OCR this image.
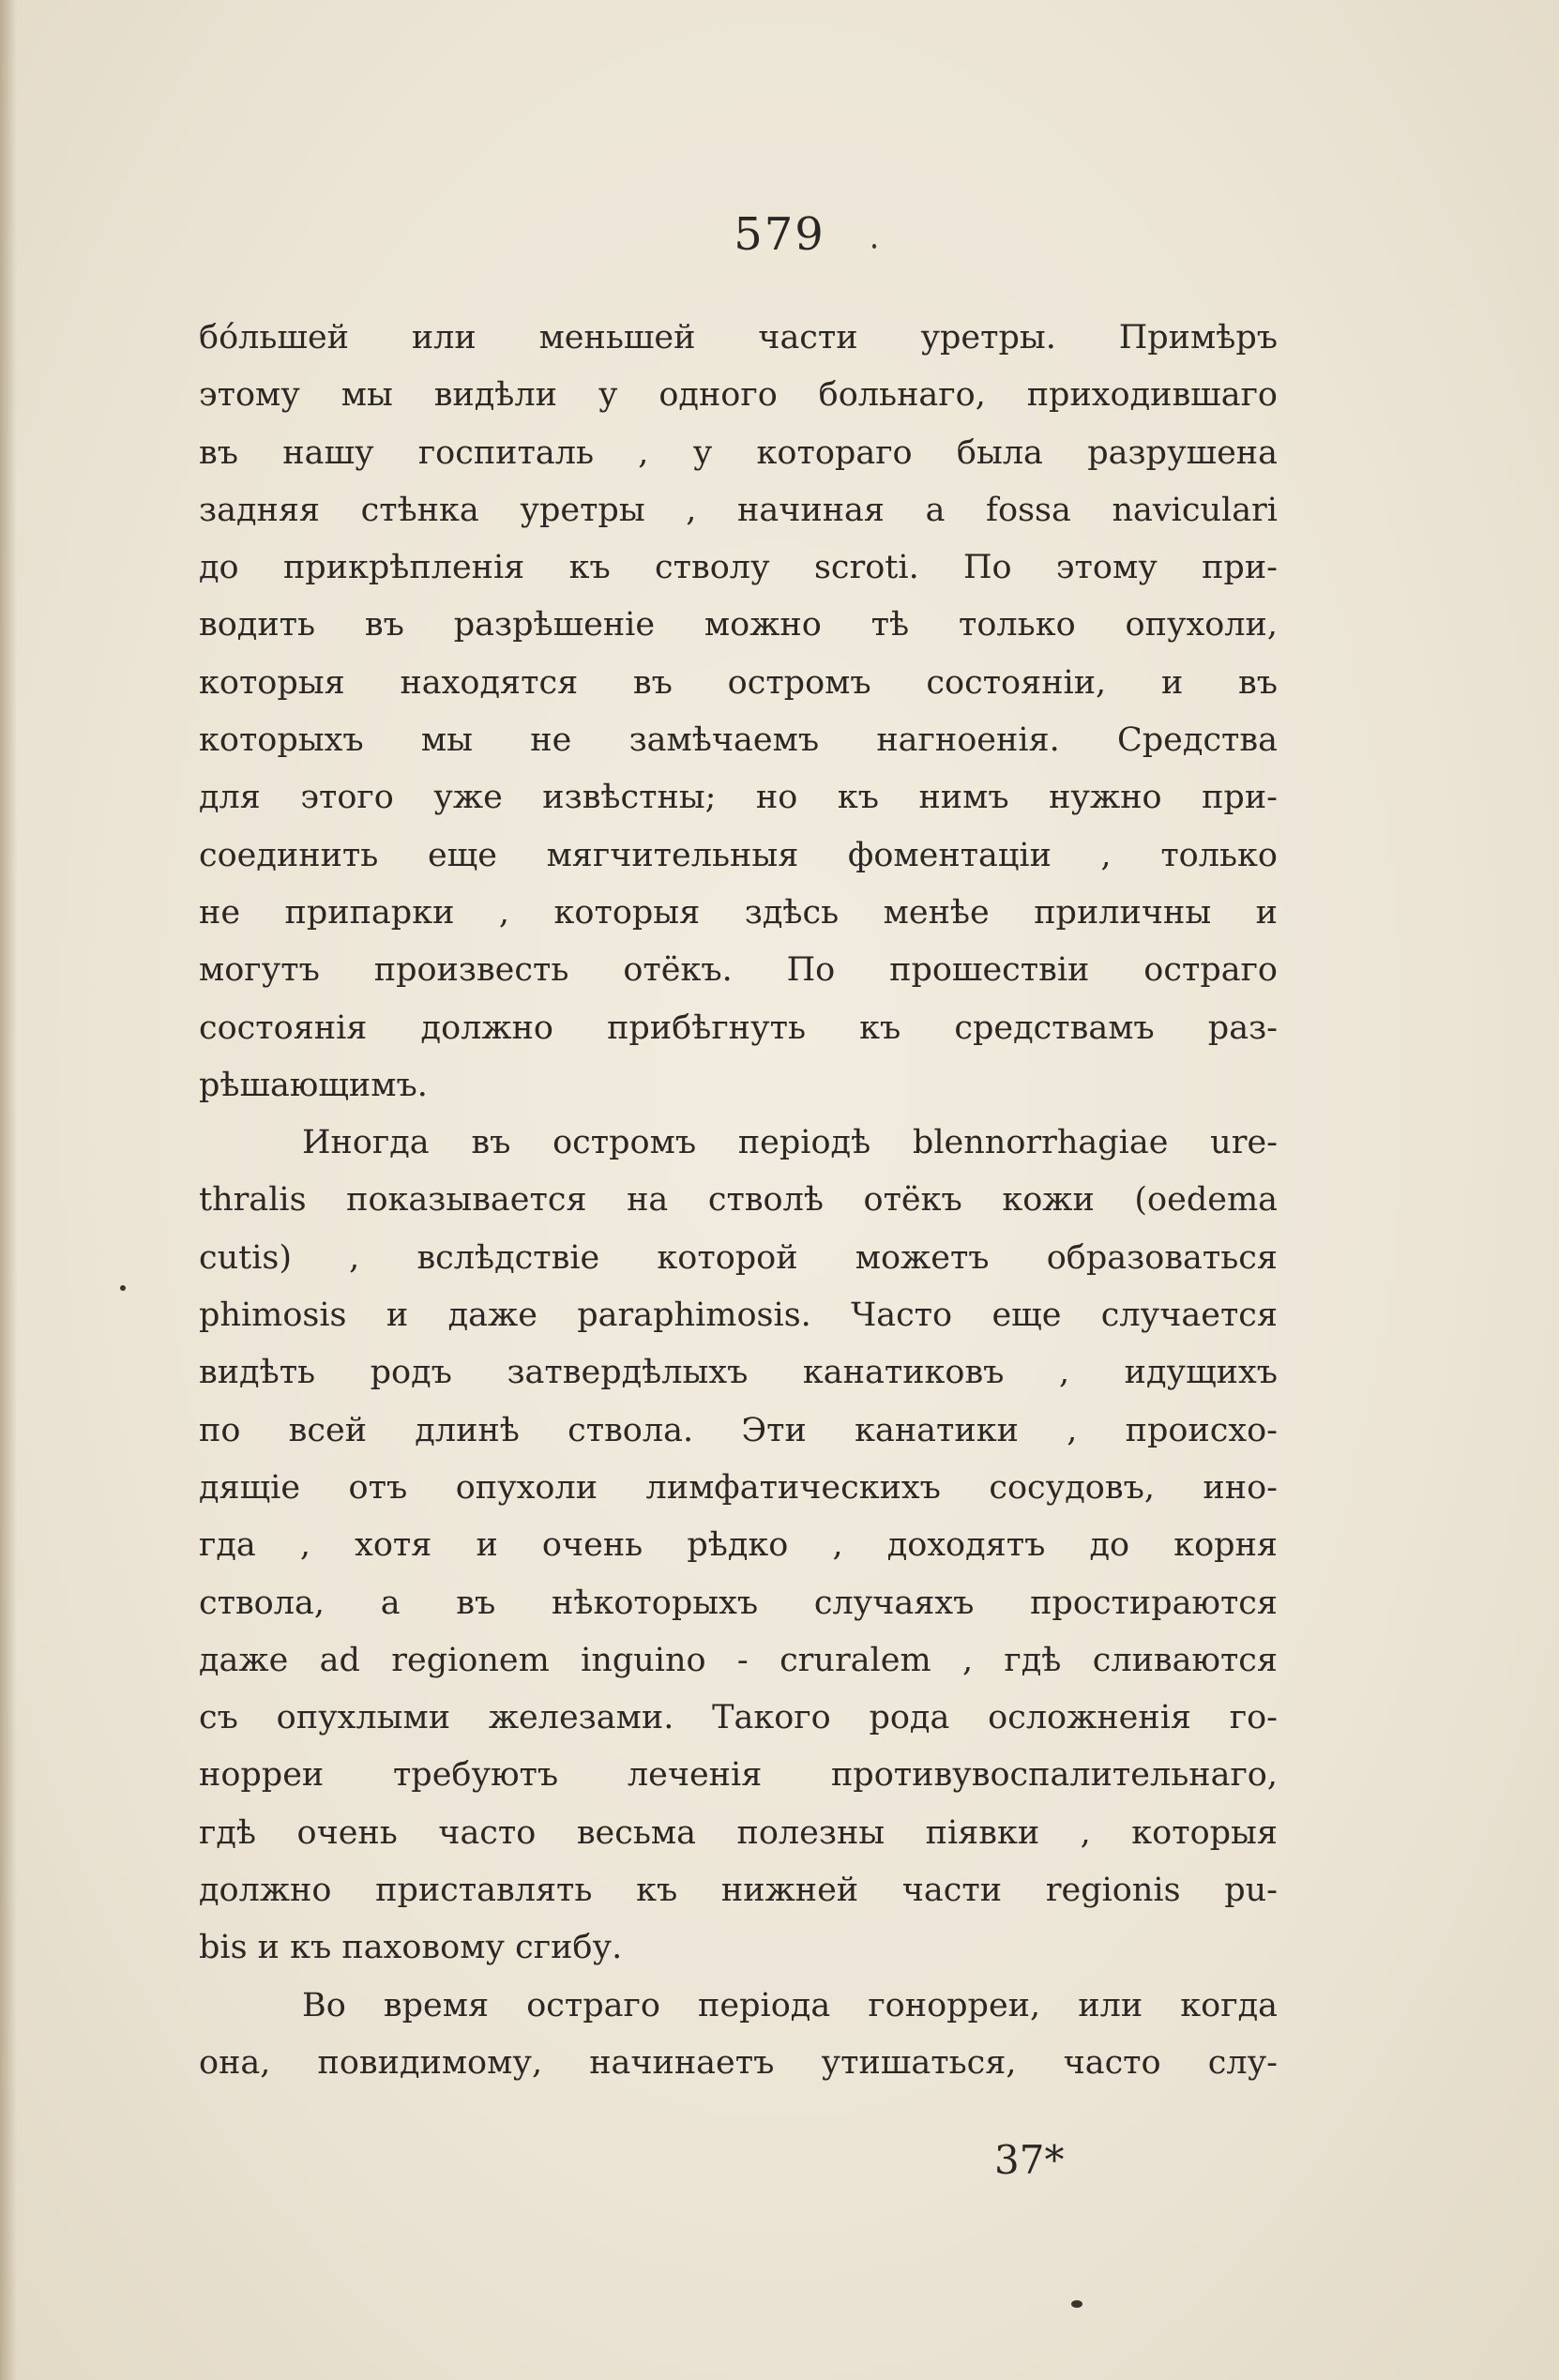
579
бóльшей или меньшей части уретры. Примѣръ
этому мы видѣли у одного больнаго, приходившаго
въ нашу госпиталь , у котораго была разрушена
задняя стѣнка уретры , начиная a fossa naviculari
до прикрѣпленія къ стволу scroti. По этому при-
водить въ разрѣшеніе можно тѣ только опухоли,
которыя находятся въ остромъ состояніи, и въ
которыхъ мы не замѣчаемъ нагноенія. Средства
для этого уже извѣстны; но къ нимъ нужно при-
соединить еще мягчительныя фоментаціи , только
не припарки , которыя здѣсь менѣе приличны и
могутъ произвесть отёкъ. По прошествіи остраго
состоянія должно прибѣгнуть къ средствамъ раз-
рѣшающимъ.
Иногда въ остромъ періодѣ blennorrhagiae ure-
thralis показывается на стволѣ отёкъ кожи (oedema
cutis) , вслѣдствіе которой можетъ образоваться
phimosis и даже paraphimosis. Часто еще случается
видѣть родъ затвердѣлыхъ канатиковъ , идущихъ
по всей длинѣ ствола. Эти канатики , происхо-
дящіе отъ опухоли лимфатическихъ сосудовъ, ино-
гда , хотя и очень рѣдко , доходятъ до корня
ствола, а въ нѣкоторыхъ случаяхъ простираются
даже ad regionem inguino - cruralem , гдѣ сливаются
съ опухлыми железами. Такого рода осложненія го-
норреи требуютъ леченія противувоспалительнаго,
гдѣ очень часто весьма полезны піявки , которыя
должно приставлять къ нижней части regionis pu-
bis и къ паховому сгибу.
Во время остраго періода гонорреи, или когда
она, повидимому, начинаетъ утишаться, часто слу-
37*
